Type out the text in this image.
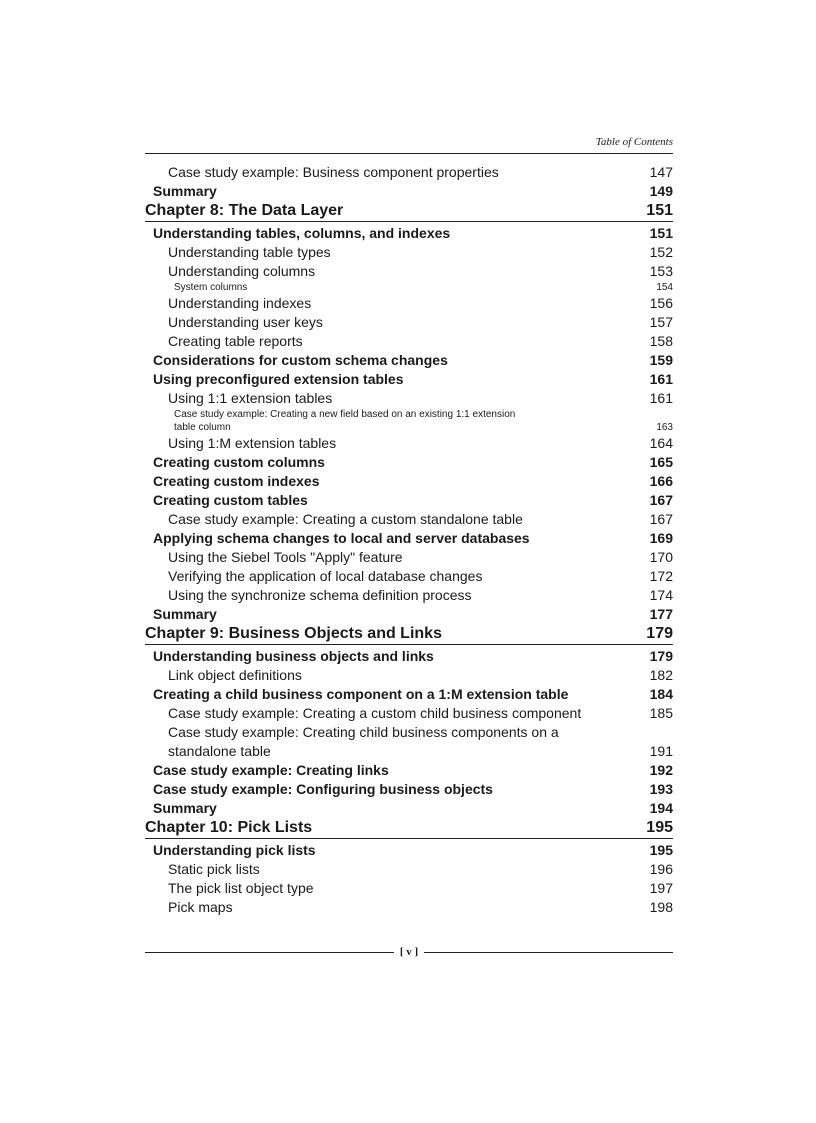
Table of Contents
Case study example: Business component properties	147
Summary	149
Chapter 8: The Data Layer	151
Understanding tables, columns, and indexes	151
Understanding table types	152
Understanding columns	153
System columns	154
Understanding indexes	156
Understanding user keys	157
Creating table reports	158
Considerations for custom schema changes	159
Using preconfigured extension tables	161
Using 1:1 extension tables	161
Case study example: Creating a new field based on an existing 1:1 extension
table column	163
Using 1:M extension tables	164
Creating custom columns	165
Creating custom indexes	166
Creating custom tables	167
Case study example: Creating a custom standalone table	167
Applying schema changes to local and server databases	169
Using the Siebel Tools "Apply" feature	170
Verifying the application of local database changes	172
Using the synchronize schema definition process	174
Summary	177
Chapter 9: Business Objects and Links	179
Understanding business objects and links	179
Link object definitions	182
Creating a child business component on a 1:M extension table	184
Case study example: Creating a custom child business component	185
Case study example: Creating child business components on a
standalone table	191
Case study example: Creating links	192
Case study example: Configuring business objects	193
Summary	194
Chapter 10: Pick Lists	195
Understanding pick lists	195
Static pick lists	196
The pick list object type	197
Pick maps	198
[ v ]
